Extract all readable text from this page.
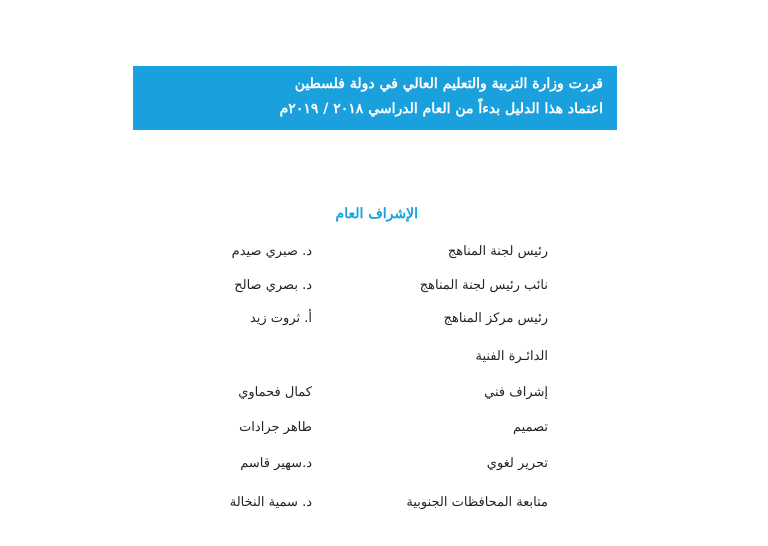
قررت وزارة التربية والتعليم العالي في دولة فلسطين
اعتماد هذا الدليل بدءاً من العام الدراسي ٢٠١٨ / ٢٠١٩م
الإشراف العام
رئيس لجنة المناهج
د. صبري صيدم
نائب رئيس لجنة المناهج
د. بصري صالح
رئيس مركز المناهج
أ. ثروت زيد
الدائـرة الفنية
إشراف فني
كمال فحماوي
تصميم
طاهر جرادات
تحرير لغوي
د.سهير قاسم
متابعة المحافظات الجنوبية
د. سمية النخالة
